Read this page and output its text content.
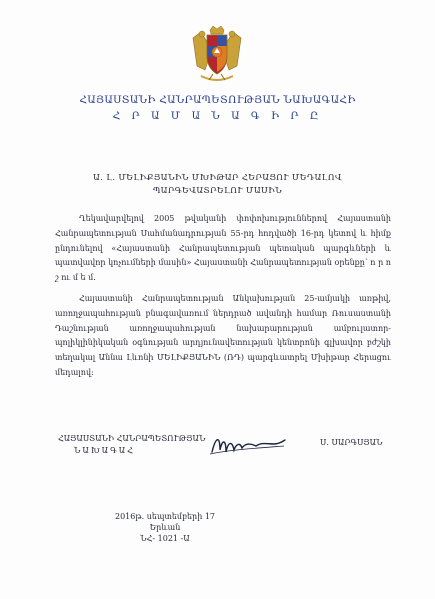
ՀԱՅԱՍՏԱՆԻ ՀԱՆՐԱՊԵՏՈՒԹՅԱՆ ՆԱԽԱԳԱՀԻ
Հ Ր Ա Մ Ա Ն Ա Գ Ի Ր Ը
Ա. Լ. ՄԵԼԻՔՅԱՆԻՆ ՄԽԻԹԱՐ ՀԵՐԱՑՈՒ ՄԵԴԱԼՈՎ
ՊԱՐԳԵՎԱՏՐԵԼՈՒ ՄԱՍԻՆ

Ղեկավարվելով 2005 թվականի փոփոխություններով Հայաստանի Հանրապետության Սահմանադրության 55-րդ հոդվածի 16-րդ կետով և հիմք ընդունելով «Հայաստանի Հանրապետության պետական պարգևների և պատվավոր կոչումների մասին» Հայաստանի Հանրապետության օրենքը՝ ո ր ո շ ու մ ե մ.

Հայաստանի Հանրապետության Անկախության 25-ամյակի առթիվ, առողջապահության բնագավառում ներդրած ավանդի համար Ռուսաստանի Դաշնության առողջապահության նախարարության ամբուլատոր-պոլիկլինիկական օգնության արդյունավետության կենտրոնի գլխավոր բժշկի տեղակալ Աննա Լևոնի ՄԵԼԻՔՅԱՆԻՆ (ՌԴ) պարգևատրել Մխիթար Հերացու մեդալով:

ՀԱՅԱՍՏԱՆԻ ՀԱՆՐԱՊԵՏՈՒԹՅԱՆ
ՆԱԽԱԳԱՀ
Ս. ՍԱՐԳՍՅԱՆ
2016թ. սեպտեմբերի 17
Երևան
ՆՀ- 1021 -Ա
